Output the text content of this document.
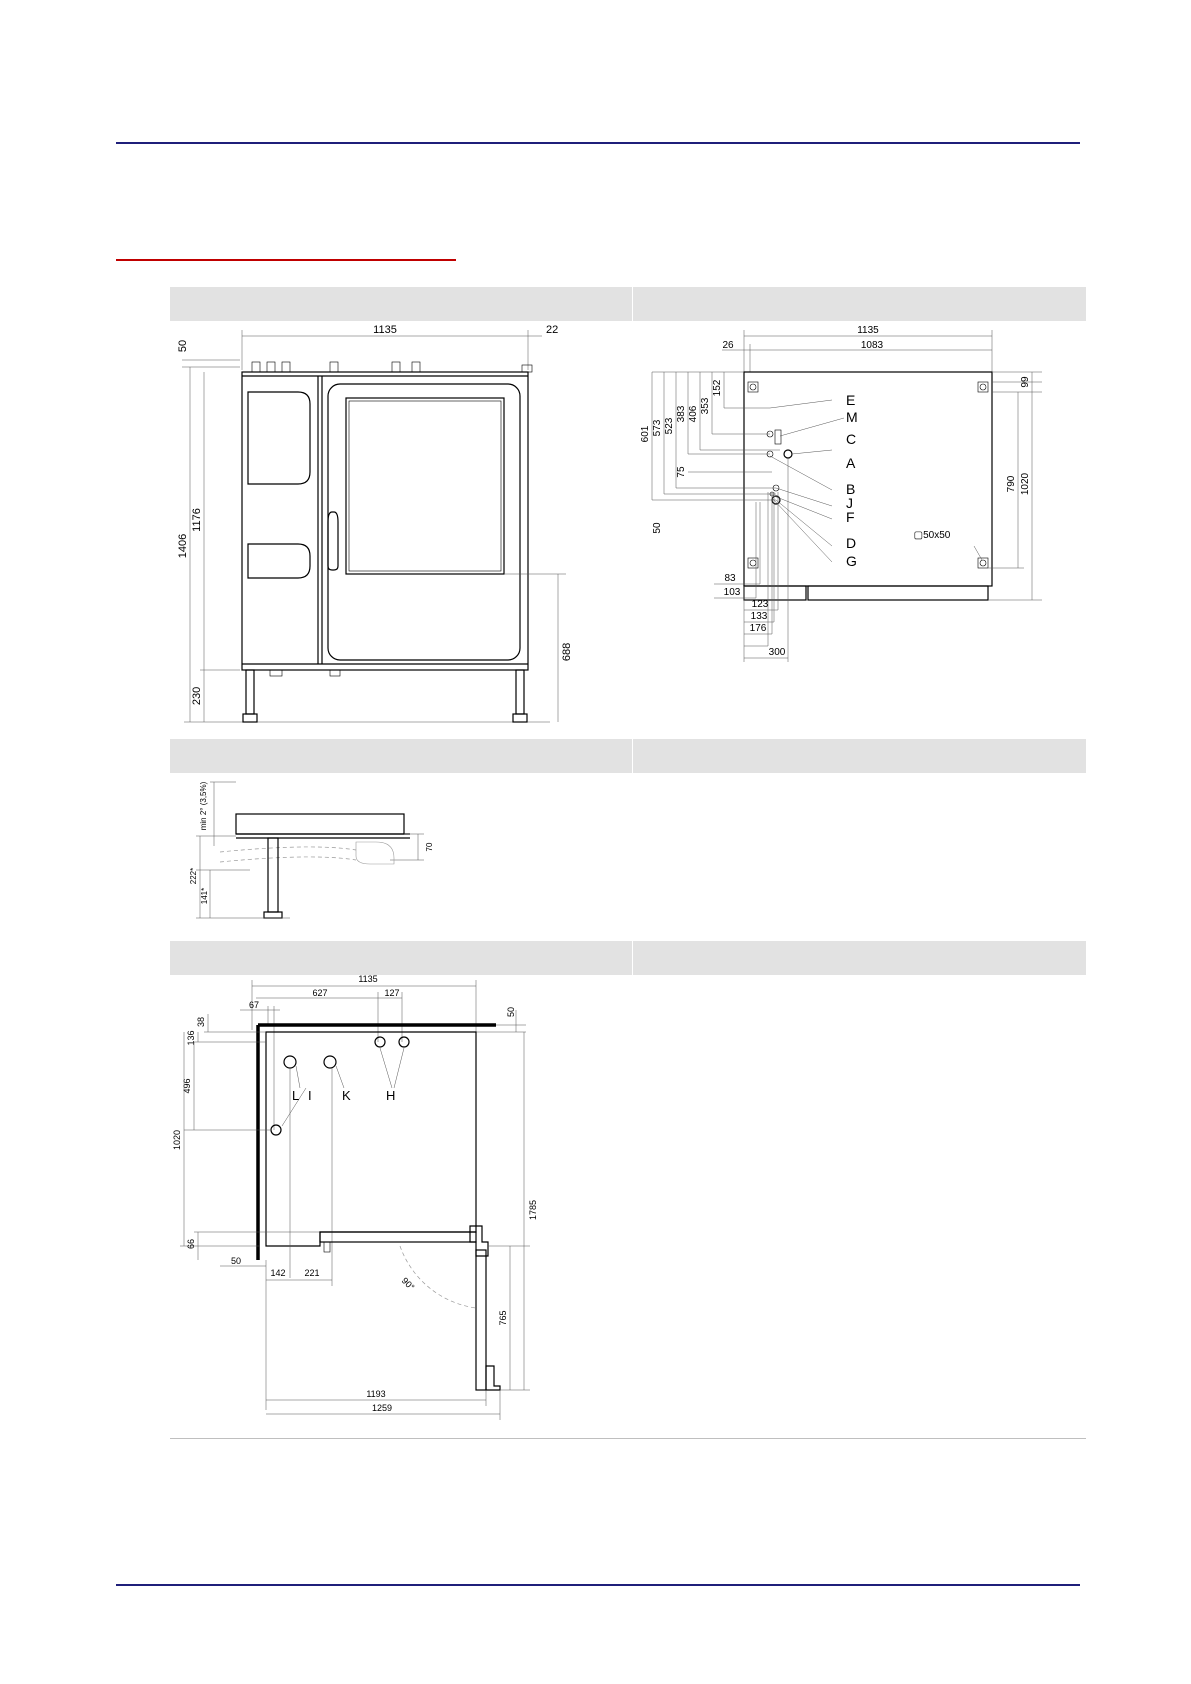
1135	22
50
1406
1176
230
688
1135
1083
26
99
790 1020
▢50x50
601 573 523
383 406 353
152
75
50
83
103
123
133
176
300
E
M
C
A
B
J
F
D
G
min 2° (3,5%)
70
222*
141*
1135
627	127
67
50
L I K	H
38
136
496
1020
66
50
142 221
90°
1785
765
1193
1259
